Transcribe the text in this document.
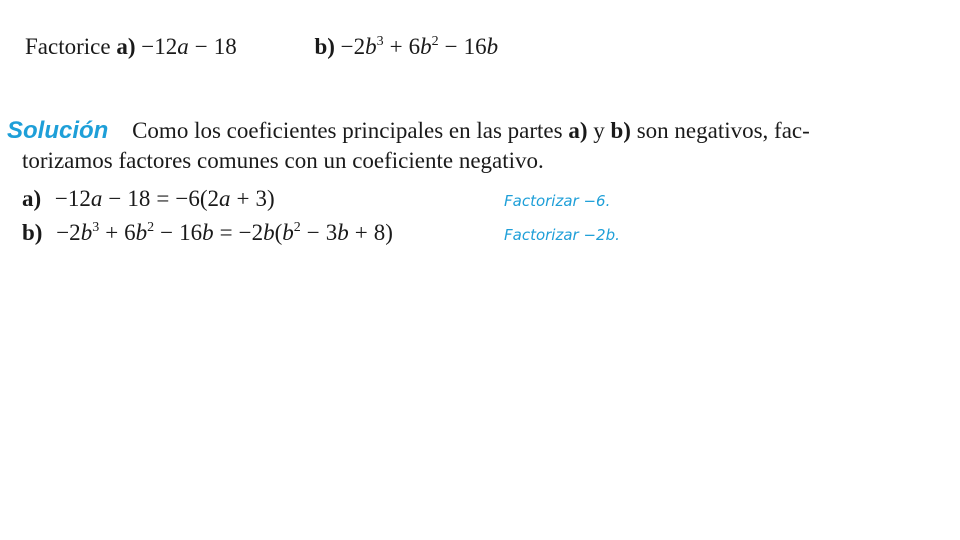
Factorice a) −12a − 18	$b) -2b^3 + 6b^2 - 16b$
Solución Como los coeficientes principales en las partes a) y b) son negativos, fac-
torizamos factores comunes con un coeficiente negativo.
a) −12a − 18 = −6(2a + 3)	Factorizar −6.
$b) -2b^3 + 6b^2 - 16b = -2b(b^2 - 3b + 8)$	Factorizar −2b.
